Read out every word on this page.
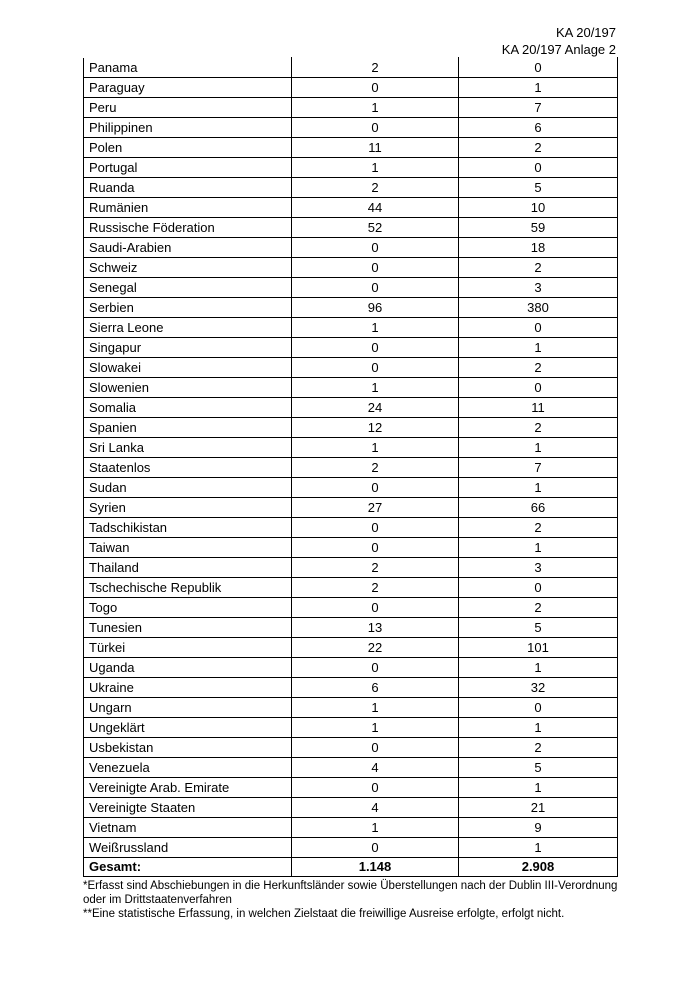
KA 20/197
KA 20/197 Anlage 2
Panama	2	0
Paraguay	0	1
Peru	1	7
Philippinen	0	6
Polen	11	2
Portugal	1	0
Ruanda	2	5
Rumänien	44	10
Russische Föderation	52	59
Saudi-Arabien	0	18
Schweiz	0	2
Senegal	0	3
Serbien	96	380
Sierra Leone	1	0
Singapur	0	1
Slowakei	0	2
Slowenien	1	0
Somalia	24	11
Spanien	12	2
Sri Lanka	1	1
Staatenlos	2	7
Sudan	0	1
Syrien	27	66
Tadschikistan	0	2
Taiwan	0	1
Thailand	2	3
Tschechische Republik	2	0
Togo	0	2
Tunesien	13	5
Türkei	22	101
Uganda	0	1
Ukraine	6	32
Ungarn	1	0
Ungeklärt	1	1
Usbekistan	0	2
Venezuela	4	5
Vereinigte Arab. Emirate	0	1
Vereinigte Staaten	4	21
Vietnam	1	9
Weißrussland	0	1
Gesamt:	1.148	2.908

*Erfasst sind Abschiebungen in die Herkunftsländer sowie Überstellungen nach der Dublin III-Verordnung oder im Drittstaatenverfahren

**Eine statistische Erfassung, in welchen Zielstaat die freiwillige Ausreise erfolgte, erfolgt nicht.
